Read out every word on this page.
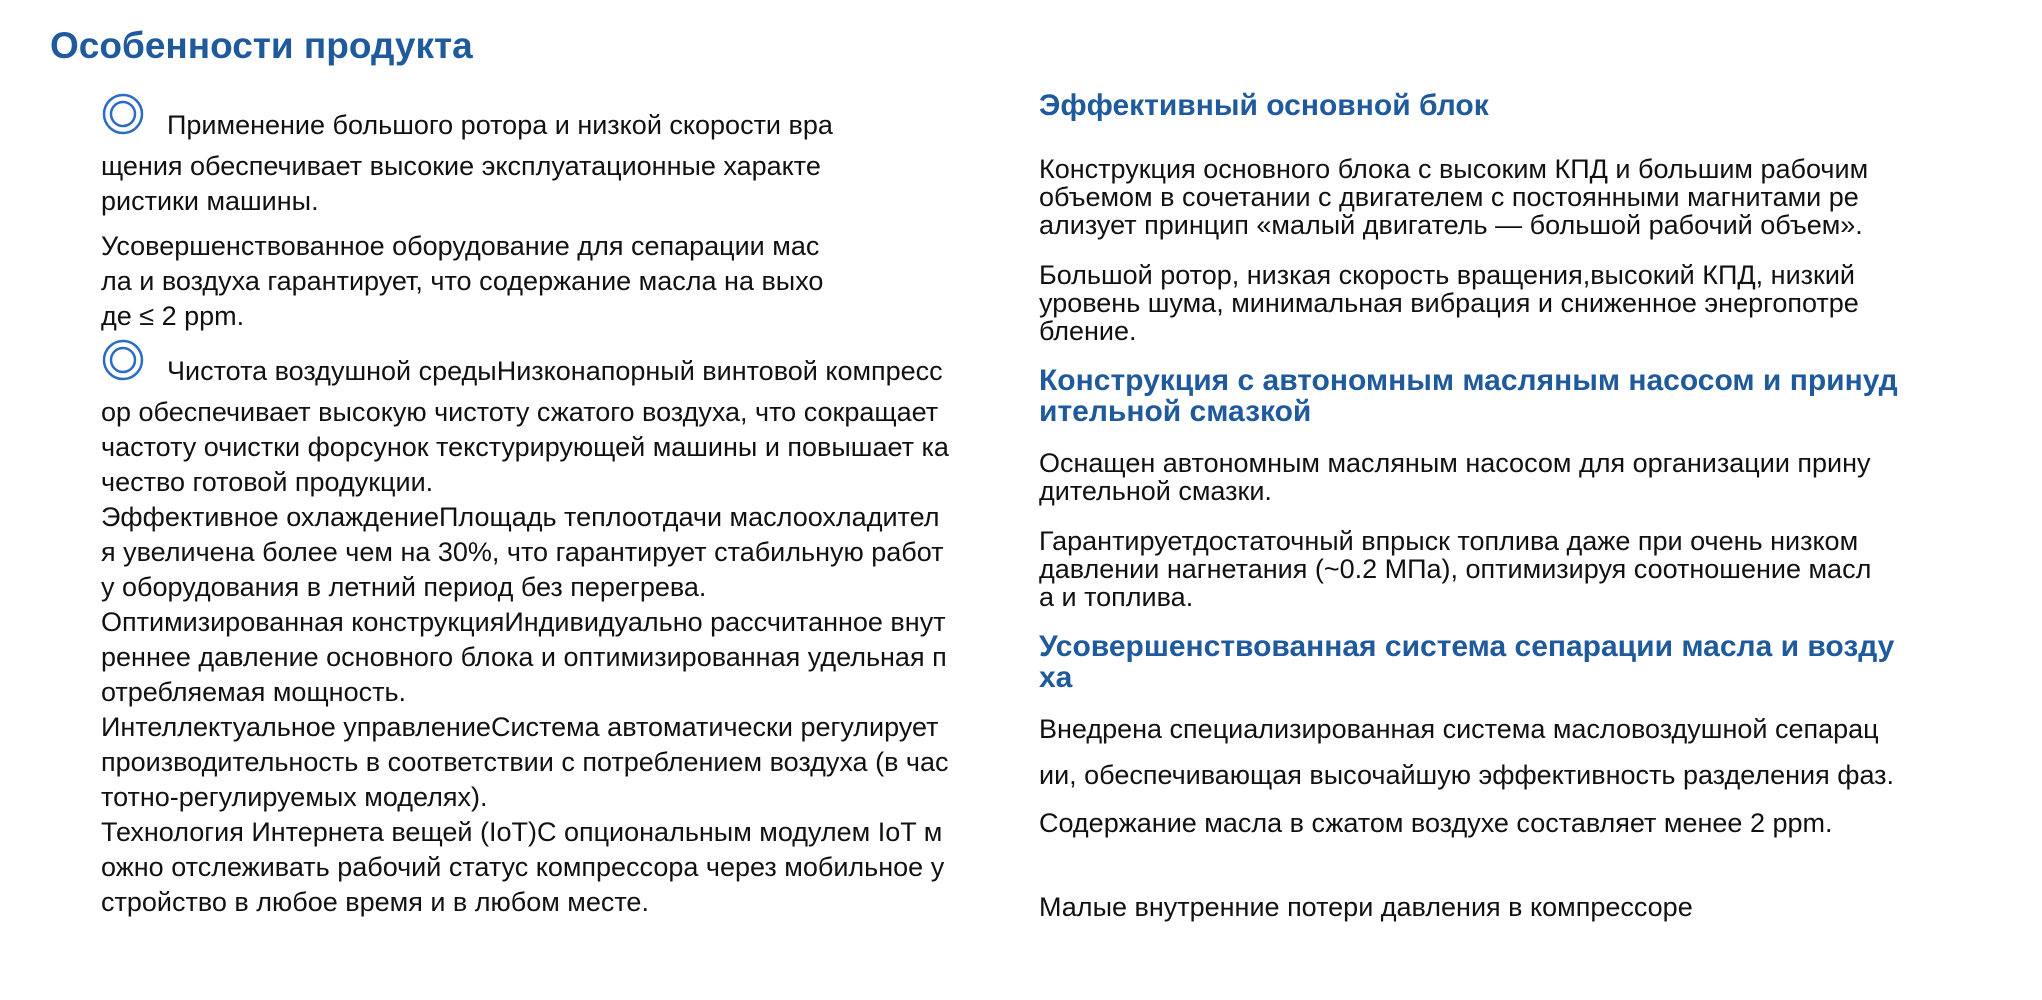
Особенности продукта
Применение большого ротора и низкой скорости вра

щения обеспечивает высокие эксплуатационные характе
ристики машины.

Усовершенствованное оборудование для сепарации мас
ла и воздуха гарантирует, что содержание масла на выхо
де ≤ 2 ppm.

Чистота воздушной средыНизконапорный винтовой компресс

ор обеспечивает высокую чистоту сжатого воздуха, что сокращает
частоту очистки форсунок текстурирующей машины и повышает ка
чество готовой продукции.
Эффективное охлаждениеПлощадь теплоотдачи маслоохладител
я увеличена более чем на 30%, что гарантирует стабильную работ
у оборудования в летний период без перегрева.
Оптимизированная конструкцияИндивидуально рассчитанное внут
реннее давление основного блока и оптимизированная удельная п
отребляемая мощность.
Интеллектуальное управлениеСистема автоматически регулирует
производительность в соответствии с потреблением воздуха (в час
тотно-регулируемых моделях).
Технология Интернета вещей (IoT)С опциональным модулем IoT м
ожно отслеживать рабочий статус компрессора через мобильное у
стройство в любое время и в любом месте.

Эффективный основной блок

Конструкция основного блока с высоким КПД и большим рабочим
объемом в сочетании с двигателем с постоянными магнитами ре
ализует принцип «малый двигатель — большой рабочий объем».

Большой ротор, низкая скорость вращения,высокий КПД, низкий
уровень шума, минимальная вибрация и сниженное энергопотре
бление.

Конструкция с автономным масляным насосом и принуд
ительной смазкой

Оснащен автономным масляным насосом для организации прину
дительной смазки.

Гарантируетдостаточный впрыск топлива даже при очень низком
давлении нагнетания (~0.2 МПа), оптимизируя соотношение масл
а и топлива.

Усовершенствованная система сепарации масла и возду
ха

Внедрена специализированная система масловоздушной сепарац

ии, обеспечивающая высочайшую эффективность разделения фаз.

Содержание масла в сжатом воздухе составляет менее 2 ppm.

Малые внутренние потери давления в компрессоре
